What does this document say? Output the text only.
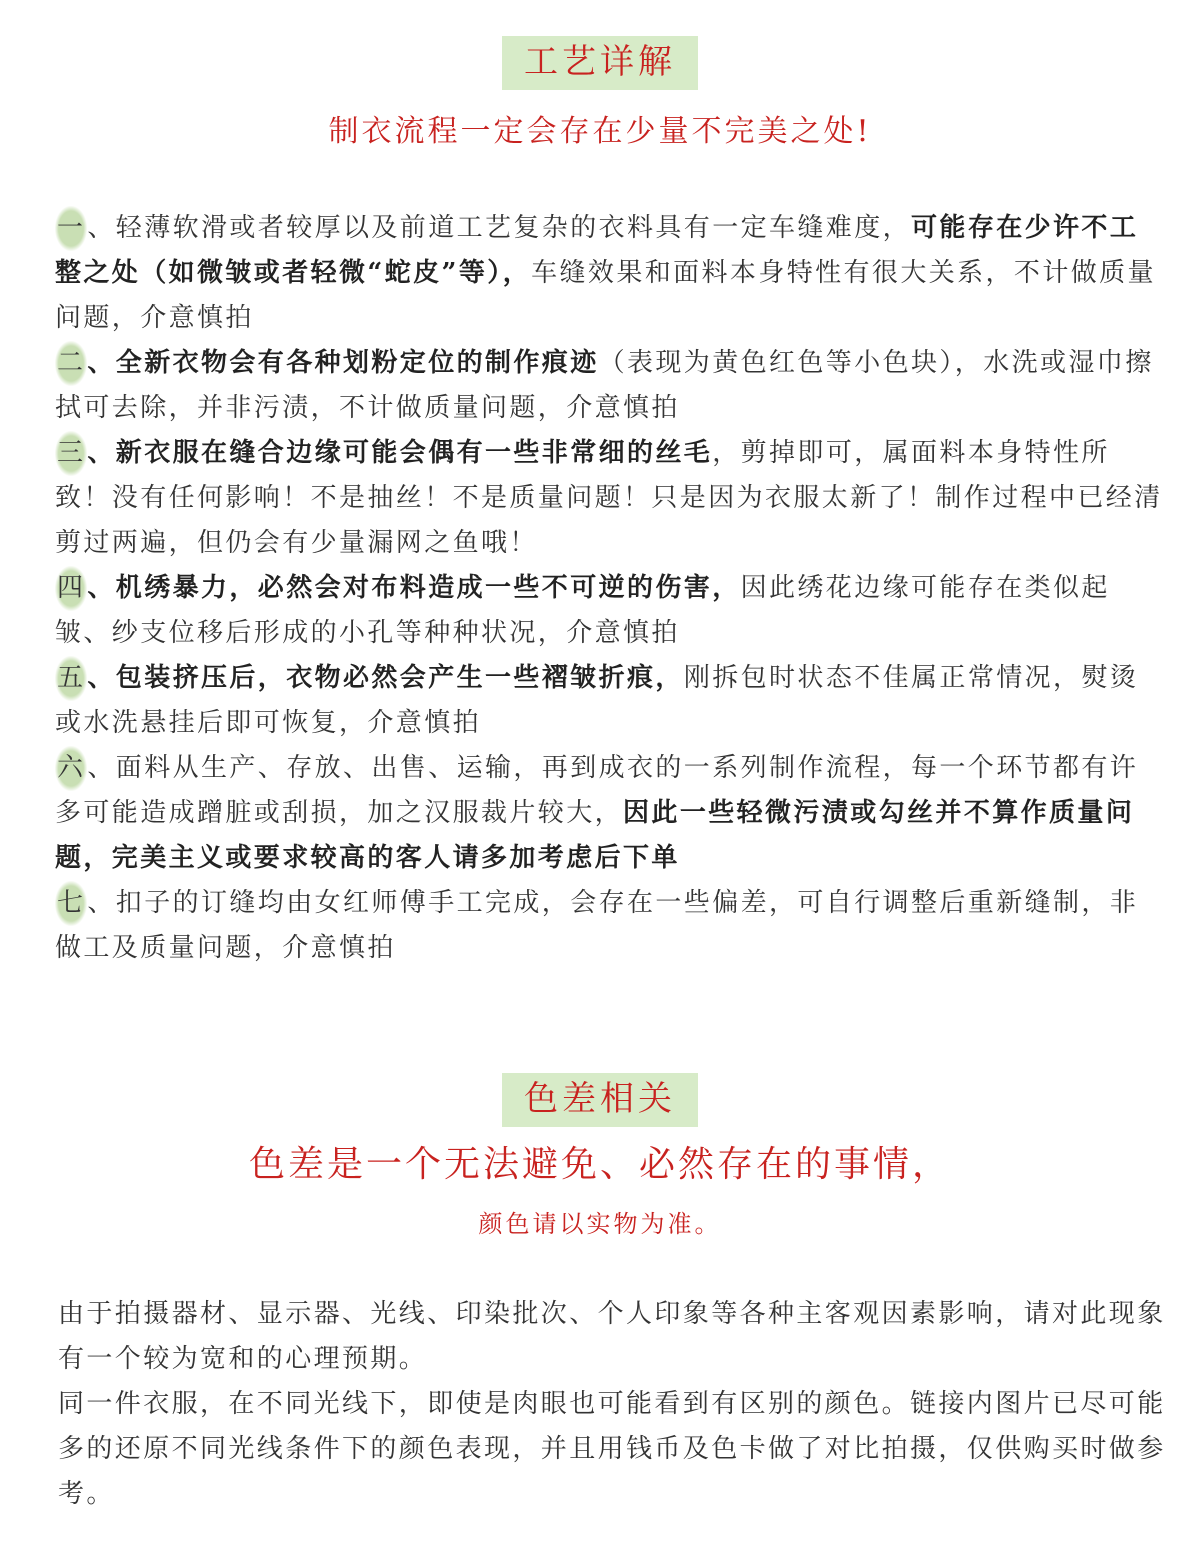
工艺详解
制衣流程一定会存在少量不完美之处!

一、轻薄软滑或者较厚以及前道工艺复杂的衣料具有一定车缝难度，可能存在少许不工整之处（如微皱或者轻微“蛇皮”等），车缝效果和面料本身特性有很大关系，不计做质量问题，介意慎拍

二、全新衣物会有各种划粉定位的制作痕迹（表现为黄色红色等小色块），水洗或湿巾擦拭可去除，并非污渍，不计做质量问题，介意慎拍

三、新衣服在缝合边缘可能会偶有一些非常细的丝毛，剪掉即可，属面料本身特性所致！没有任何影响！不是抽丝！不是质量问题！只是因为衣服太新了！制作过程中已经清剪过两遍，但仍会有少量漏网之鱼哦！

四、机绣暴力，必然会对布料造成一些不可逆的伤害，因此绣花边缘可能存在类似起皱、纱支位移后形成的小孔等种种状况，介意慎拍

五、包装挤压后，衣物必然会产生一些褶皱折痕，刚拆包时状态不佳属正常情况，熨烫或水洗悬挂后即可恢复，介意慎拍

六、面料从生产、存放、出售、运输，再到成衣的一系列制作流程，每一个环节都有许多可能造成蹭脏或刮损，加之汉服裁片较大，因此一些轻微污渍或勾丝并不算作质量问题，完美主义或要求较高的客人请多加考虑后下单

七、扣子的订缝均由女红师傅手工完成，会存在一些偏差，可自行调整后重新缝制，非做工及质量问题，介意慎拍

色差相关
色差是一个无法避免、必然存在的事情，
颜色请以实物为准。

由于拍摄器材、显示器、光线、印染批次、个人印象等各种主客观因素影响，请对此现象有一个较为宽和的心理预期。

同一件衣服，在不同光线下，即使是肉眼也可能看到有区别的颜色。链接内图片已尽可能多的还原不同光线条件下的颜色表现，并且用钱币及色卡做了对比拍摄，仅供购买时做参考。
